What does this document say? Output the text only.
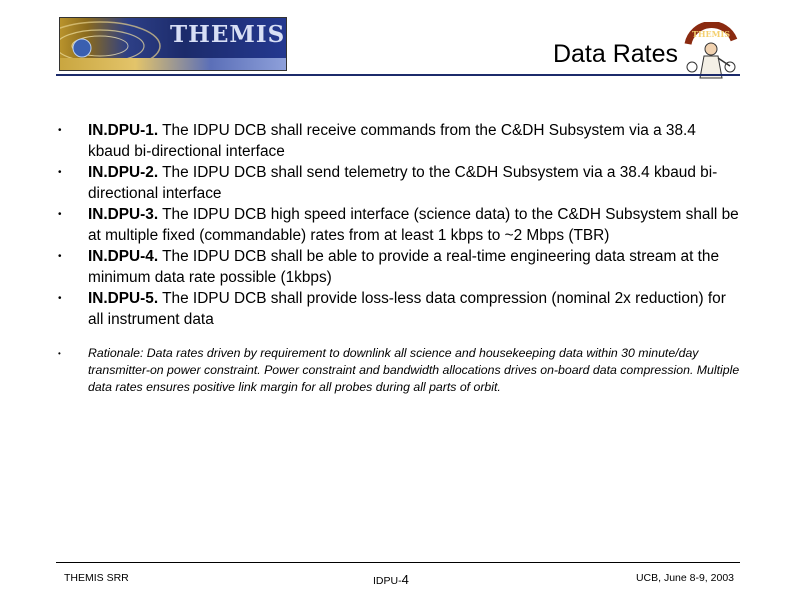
THEMIS
Data Rates
THEMIS
• IN.DPU-1. The IDPU DCB shall receive commands from the C&DH Subsystem via a 38.4 kbaud bi-directional interface
• IN.DPU-2. The IDPU DCB shall send telemetry to the C&DH Subsystem via a 38.4 kbaud bi-directional interface
• IN.DPU-3. The IDPU DCB high speed interface (science data) to the C&DH Subsystem shall be at multiple fixed (commandable) rates from at least 1 kbps to ~2 Mbps (TBR)
• IN.DPU-4. The IDPU DCB shall be able to provide a real-time engineering data stream at the minimum data rate possible (1kbps)
• IN.DPU-5. The IDPU DCB shall provide loss-less data compression (nominal 2x reduction) for all instrument data
• Rationale: Data rates driven by requirement to downlink all science and housekeeping data within 30 minute/day transmitter-on power constraint. Power constraint and bandwidth allocations drives on-board data compression. Multiple data rates ensures positive link margin for all probes during all parts of orbit.
THEMIS SRR	IDPU-4	UCB, June 8-9, 2003
